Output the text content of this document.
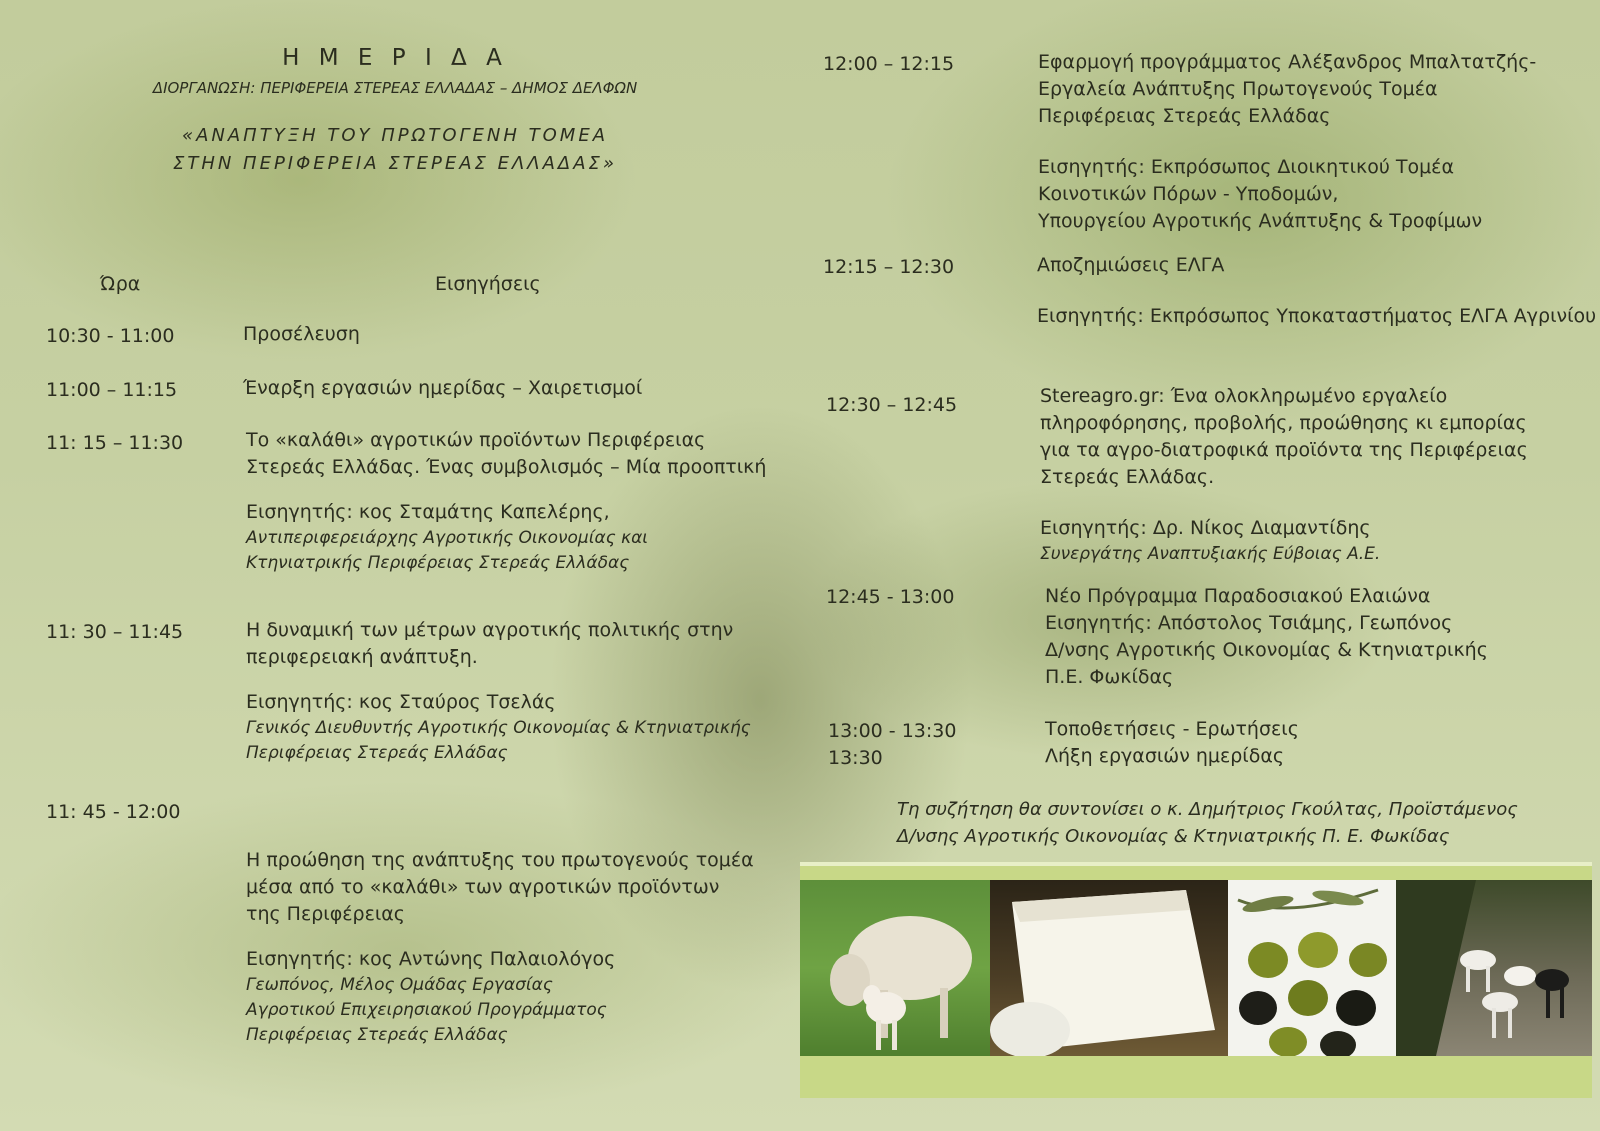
Η Μ Ε Ρ Ι Δ Α
ΔΙΟΡΓΑΝΩΣΗ: ΠΕΡΙΦΕΡΕΙΑ ΣΤΕΡΕΑΣ ΕΛΛΑΔΑΣ – ΔΗΜΟΣ ΔΕΛΦΩΝ
«ΑΝΑΠΤΥΞΗ ΤΟΥ ΠΡΩΤΟΓΕΝΗ ΤΟΜΕΑ
ΣΤΗΝ ΠΕΡΙΦΕΡΕΙΑ ΣΤΕΡΕΑΣ ΕΛΛΑΔΑΣ»
Ώρα	Εισηγήσεις
10:30 - 11:00	Προσέλευση
11:00 – 11:15	Έναρξη εργασιών ημερίδας – Χαιρετισμοί
11: 15 – 11:30	Το «καλάθι» αγροτικών προϊόντων Περιφέρειας
Στερεάς Ελλάδας. Ένας συμβολισμός – Μία προοπτική
Εισηγητής: κος Σταμάτης Καπελέρης,
Αντιπεριφερειάρχης Αγροτικής Οικονομίας και
Κτηνιατρικής Περιφέρειας Στερεάς Ελλάδας
11: 30 – 11:45	Η δυναμική των μέτρων αγροτικής πολιτικής στην
περιφερειακή ανάπτυξη.
Εισηγητής: κος Σταύρος Τσελάς
Γενικός Διευθυντής Αγροτικής Οικονομίας & Κτηνιατρικής
Περιφέρειας Στερεάς Ελλάδας
11: 45 - 12:00
Η προώθηση της ανάπτυξης του πρωτογενούς τομέα
μέσα από το «καλάθι» των αγροτικών προϊόντων
της Περιφέρειας
Εισηγητής: κος Αντώνης Παλαιολόγος
Γεωπόνος, Μέλος Ομάδας Εργασίας
Αγροτικού Επιχειρησιακού Προγράμματος
Περιφέρειας Στερεάς Ελλάδας
12:00 – 12:15	Εφαρμογή προγράμματος Αλέξανδρος Μπαλτατζής-
Εργαλεία Ανάπτυξης Πρωτογενούς Τομέα
Περιφέρειας Στερεάς Ελλάδας
Εισηγητής: Εκπρόσωπος Διοικητικού Τομέα
Κοινοτικών Πόρων - Υποδομών,
Υπουργείου Αγροτικής Ανάπτυξης & Τροφίμων
12:15 – 12:30	Αποζημιώσεις ΕΛΓΑ
Εισηγητής: Εκπρόσωπος Υποκαταστήματος ΕΛΓΑ Αγρινίου
12:30 – 12:45	Stereagro.gr: Ένα ολοκληρωμένο εργαλείο
πληροφόρησης, προβολής, προώθησης κι εμπορίας
για τα αγρο-διατροφικά προϊόντα της Περιφέρειας
Στερεάς Ελλάδας.
Εισηγητής: Δρ. Νίκος Διαμαντίδης
Συνεργάτης Αναπτυξιακής Εύβοιας Α.Ε.
12:45 - 13:00	Νέο Πρόγραμμα Παραδοσιακού Ελαιώνα
Εισηγητής: Απόστολος Τσιάμης, Γεωπόνος
Δ/νσης Αγροτικής Οικονομίας & Κτηνιατρικής
Π.Ε. Φωκίδας
13:00 - 13:30	Τοποθετήσεις - Ερωτήσεις
13:30	Λήξη εργασιών ημερίδας
Τη συζήτηση θα συντονίσει ο κ. Δημήτριος Γκούλτας, Προϊστάμενος
Δ/νσης Αγροτικής Οικονομίας & Κτηνιατρικής Π. Ε. Φωκίδας
